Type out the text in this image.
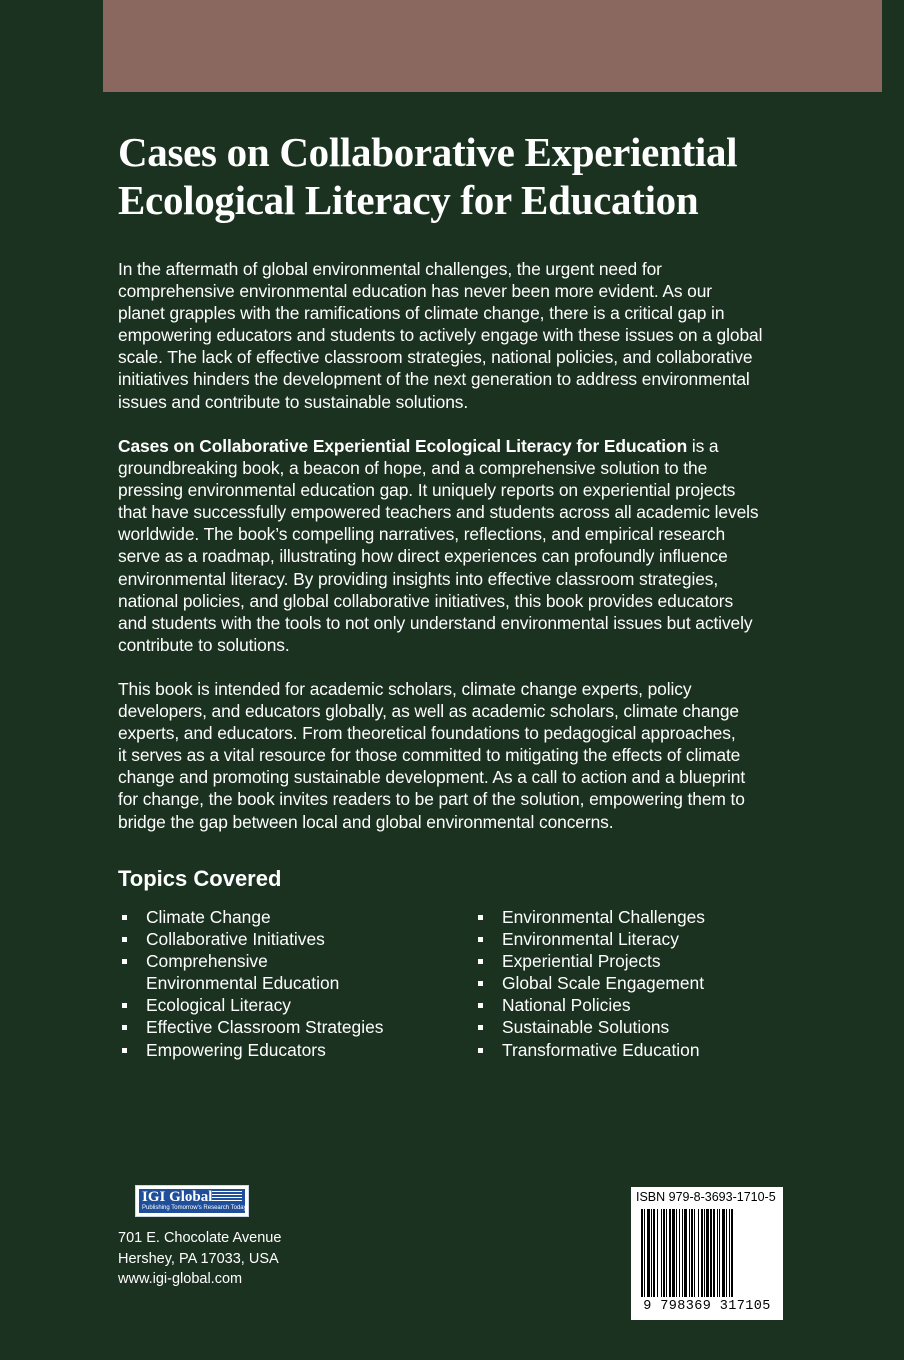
Cases on Collaborative Experiential
Ecological Literacy for Education
In the aftermath of global environmental challenges, the urgent need for
comprehensive environmental education has never been more evident. As our
planet grapples with the ramifications of climate change, there is a critical gap in
empowering educators and students to actively engage with these issues on a global
scale. The lack of effective classroom strategies, national policies, and collaborative
initiatives hinders the development of the next generation to address environmental
issues and contribute to sustainable solutions.
Cases on Collaborative Experiential Ecological Literacy for Education is a
groundbreaking book, a beacon of hope, and a comprehensive solution to the
pressing environmental education gap. It uniquely reports on experiential projects
that have successfully empowered teachers and students across all academic levels
worldwide. The book’s compelling narratives, reflections, and empirical research
serve as a roadmap, illustrating how direct experiences can profoundly influence
environmental literacy. By providing insights into effective classroom strategies,
national policies, and global collaborative initiatives, this book provides educators
and students with the tools to not only understand environmental issues but actively
contribute to solutions.
This book is intended for academic scholars, climate change experts, policy
developers, and educators globally, as well as academic scholars, climate change
experts, and educators. From theoretical foundations to pedagogical approaches,
it serves as a vital resource for those committed to mitigating the effects of climate
change and promoting sustainable development. As a call to action and a blueprint
for change, the book invites readers to be part of the solution, empowering them to
bridge the gap between local and global environmental concerns.
Topics Covered
Climate Change
Collaborative Initiatives
Comprehensive
Environmental Education
Ecological Literacy
Effective Classroom Strategies
Empowering Educators
Environmental Challenges
Environmental Literacy
Experiential Projects
Global Scale Engagement
National Policies
Sustainable Solutions
Transformative Education
IGI Global
Publishing Tomorrow's Research Today
701 E. Chocolate Avenue
Hershey, PA 17033, USA
www.igi-global.com
ISBN 979-8-3693-1710-5
9 798369 317105
